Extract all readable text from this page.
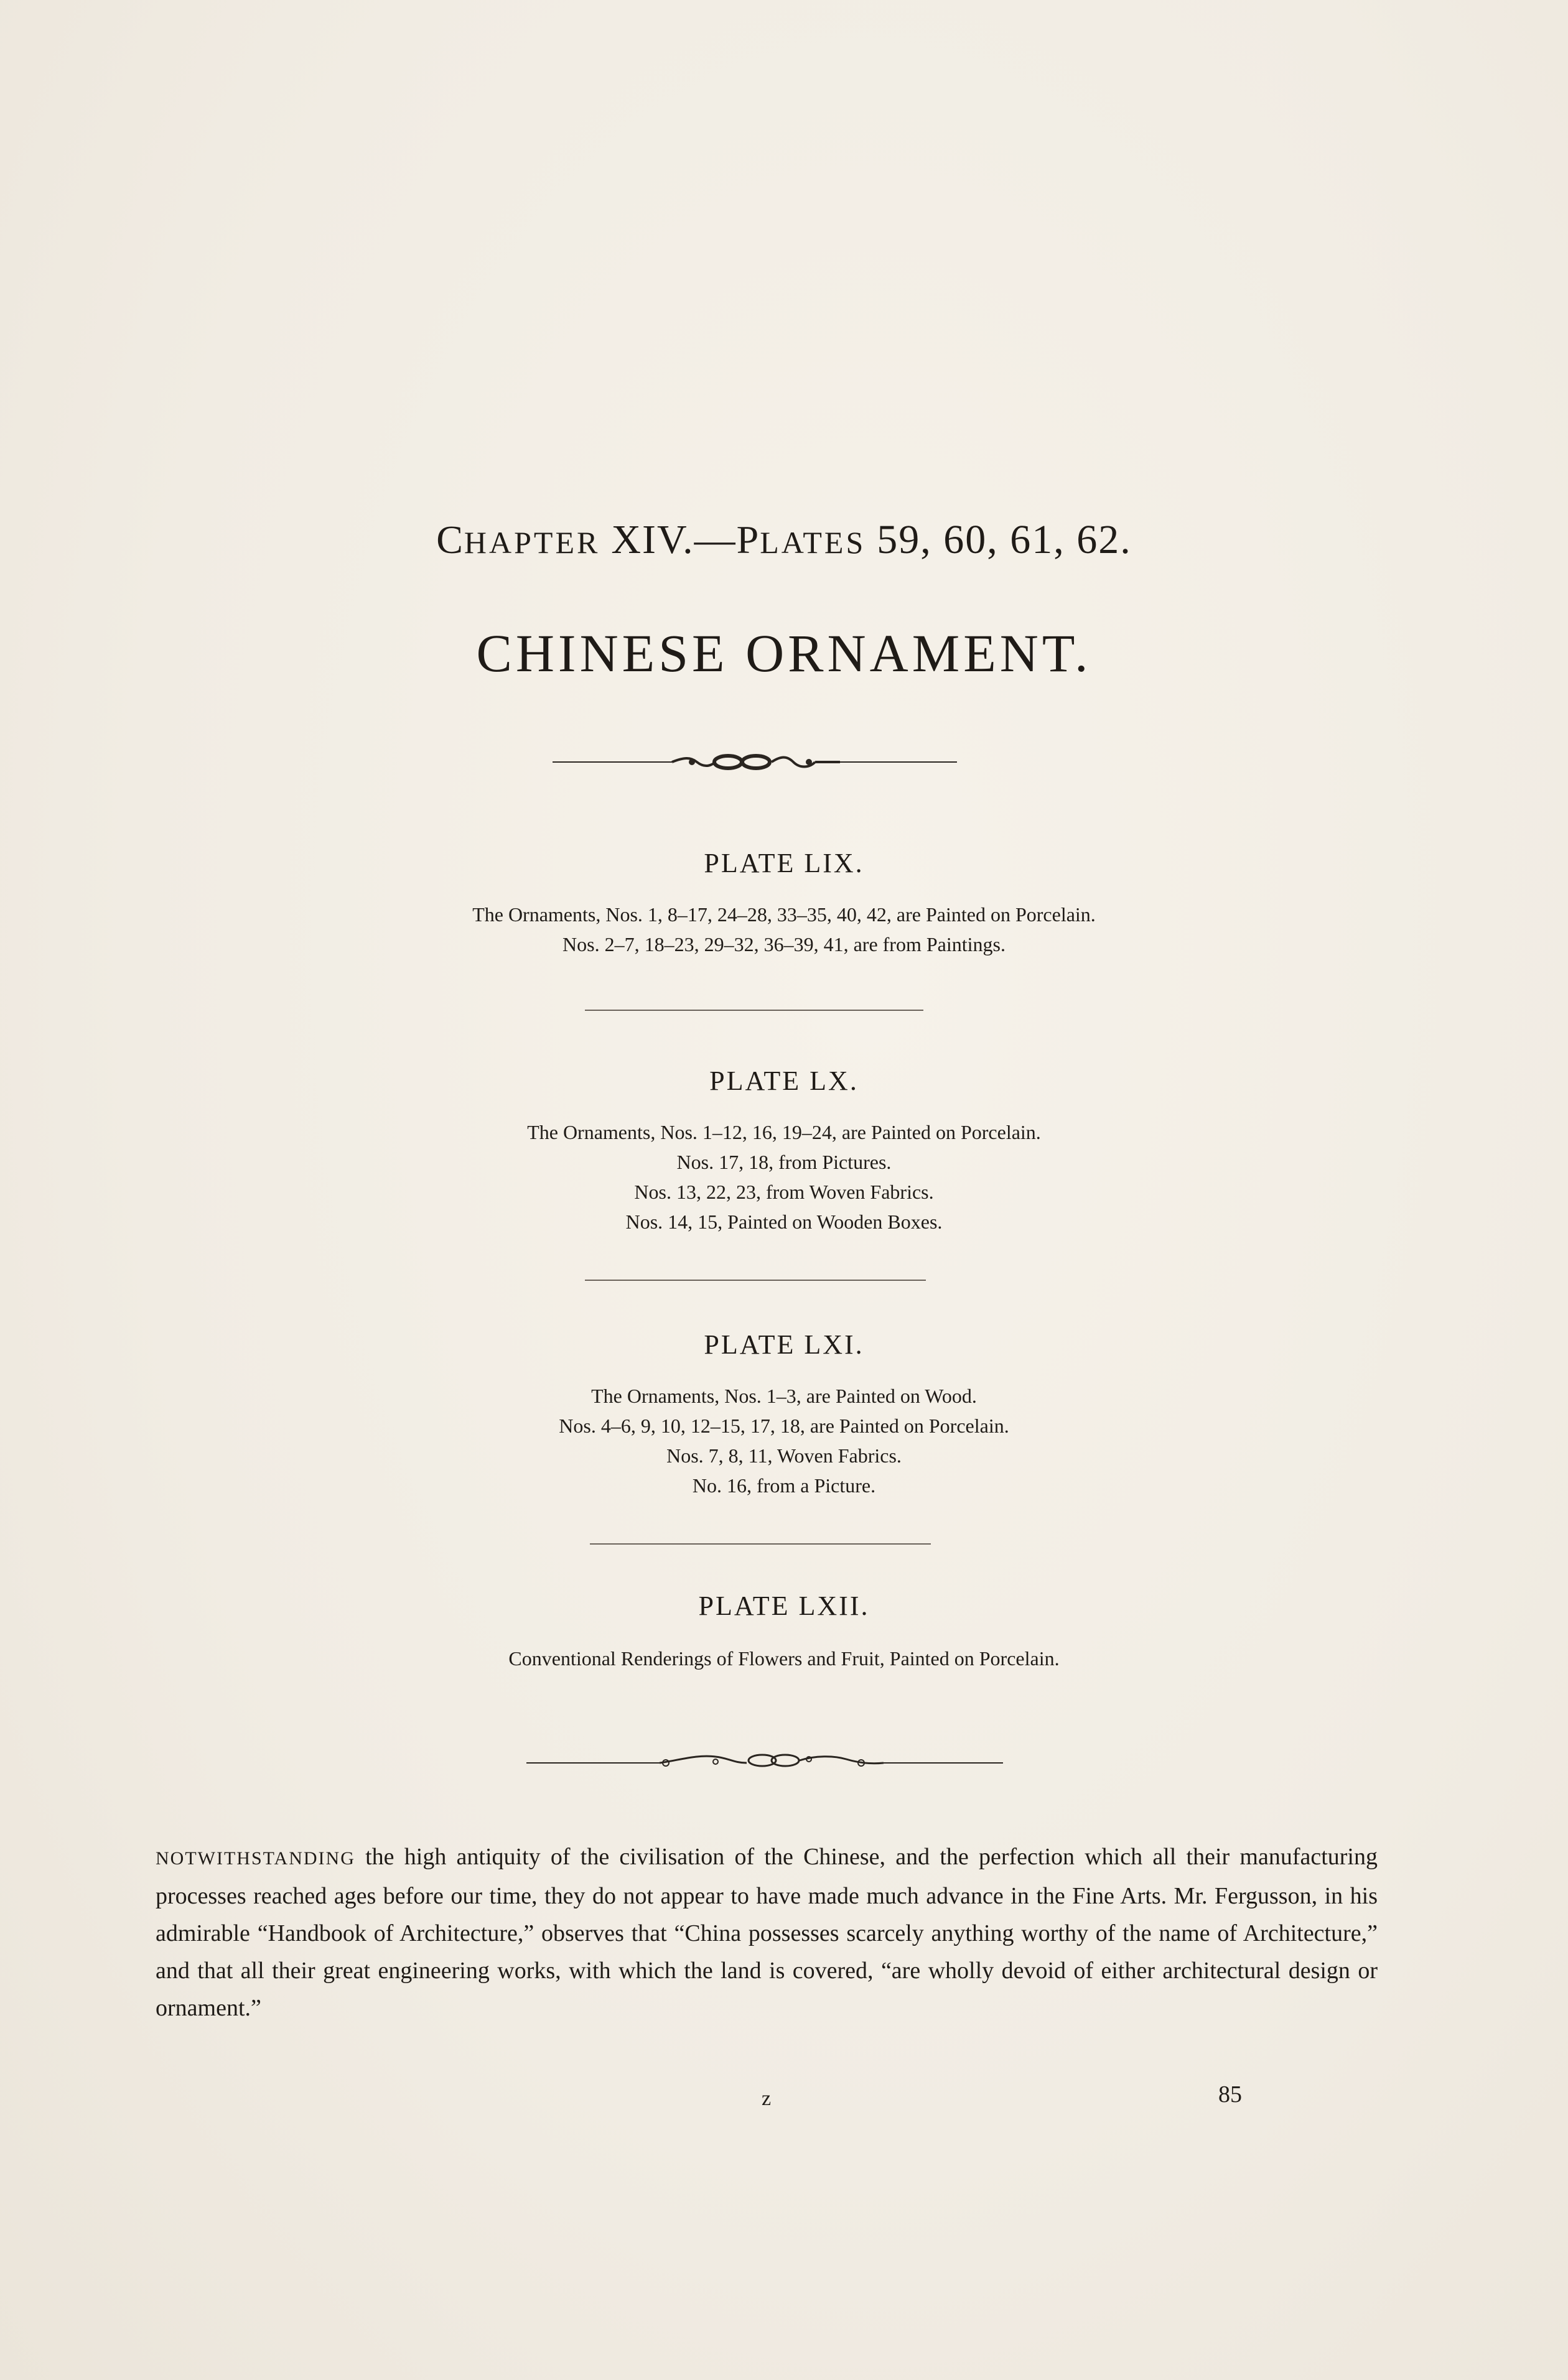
CHAPTER XIV.—PLATES 59, 60, 61, 62.
CHINESE ORNAMENT.
PLATE LIX.
The Ornaments, Nos. 1, 8–17, 24–28, 33–35, 40, 42, are Painted on Porcelain.
Nos. 2–7, 18–23, 29–32, 36–39, 41, are from Paintings.
PLATE LX.
The Ornaments, Nos. 1–12, 16, 19–24, are Painted on Porcelain.
Nos. 17, 18, from Pictures.
Nos. 13, 22, 23, from Woven Fabrics.
Nos. 14, 15, Painted on Wooden Boxes.
PLATE LXI.
The Ornaments, Nos. 1–3, are Painted on Wood.
Nos. 4–6, 9, 10, 12–15, 17, 18, are Painted on Porcelain.
Nos. 7, 8, 11, Woven Fabrics.
No. 16, from a Picture.
PLATE LXII.
Conventional Renderings of Flowers and Fruit, Painted on Porcelain.
NOTWITHSTANDING the high antiquity of the civilisation of the Chinese, and the perfection which all their manufacturing processes reached ages before our time, they do not appear to have made much advance in the Fine Arts. Mr. Fergusson, in his admirable “Handbook of Architecture,” observes that “China possesses scarcely anything worthy of the name of Architecture,” and that all their great engineering works, with which the land is covered, “are wholly devoid of either architectural design or ornament.”
z	85
